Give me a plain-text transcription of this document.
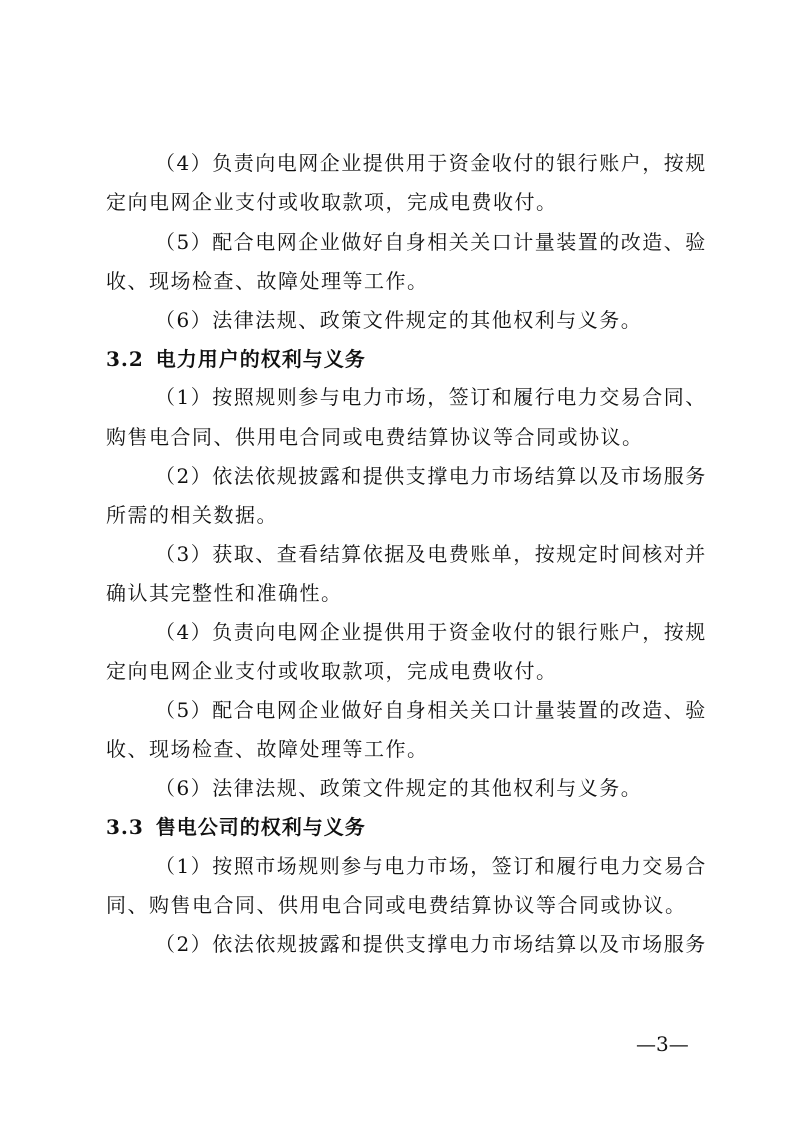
（4）负责向电网企业提供用于资金收付的银行账户，按规
定向电网企业支付或收取款项，完成电费收付。
（5）配合电网企业做好自身相关关口计量装置的改造、验
收、现场检查、故障处理等工作。
（6）法律法规、政策文件规定的其他权利与义务。
3.2 电力用户的权利与义务
（1）按照规则参与电力市场，签订和履行电力交易合同、
购售电合同、供用电合同或电费结算协议等合同或协议。
（2）依法依规披露和提供支撑电力市场结算以及市场服务
所需的相关数据。
（3）获取、查看结算依据及电费账单，按规定时间核对并
确认其完整性和准确性。
（4）负责向电网企业提供用于资金收付的银行账户，按规
定向电网企业支付或收取款项，完成电费收付。
（5）配合电网企业做好自身相关关口计量装置的改造、验
收、现场检查、故障处理等工作。
（6）法律法规、政策文件规定的其他权利与义务。
3.3 售电公司的权利与义务
（1）按照市场规则参与电力市场，签订和履行电力交易合
同、购售电合同、供用电合同或电费结算协议等合同或协议。
（2）依法依规披露和提供支撑电力市场结算以及市场服务
—3—
